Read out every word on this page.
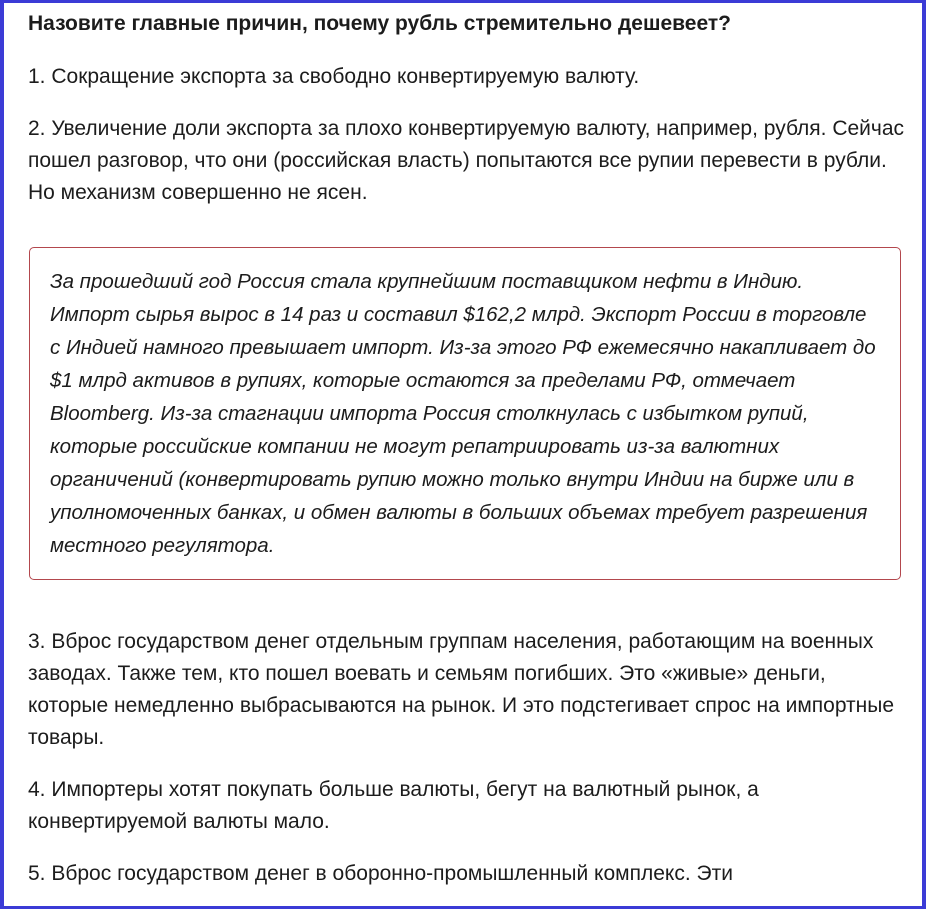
Назовите главные причин, почему рубль стремительно дешевеет?

1. Сокращение экспорта за свободно конвертируемую валюту.

2. Увеличение доли экспорта за плохо конвертируемую валюту, например, рубля. Сейчас пошел разговор, что они (российская власть) попытаются все рупии перевести в рубли. Но механизм совершенно не ясен.

За прошедший год Россия стала крупнейшим поставщиком нефти в Индию. Импорт сырья вырос в 14 раз и составил $162,2 млрд. Экспорт России в торговле с Индией намного превышает импорт. Из-за этого РФ ежемесячно накапливает до $1 млрд активов в рупиях, которые остаются за пределами РФ, отмечает Bloomberg. Из-за стагнации импорта Россия столкнулась с избытком рупий, которые российские компании не могут репатриировать из-за валютних органичений (конвертировать рупию можно только внутри Индии на бирже или в уполномоченных банках, и обмен валюты в больших объемах требует разрешения местного регулятора.

3. Вброс государством денег отдельным группам населения, работающим на военных заводах. Также тем, кто пошел воевать и семьям погибших. Это «живые» деньги, которые немедленно выбрасываются на рынок. И это подстегивает спрос на импортные товары.

4. Импортеры хотят покупать больше валюты, бегут на валютный рынок, а конвертируемой валюты мало.

5. Вброс государством денег в оборонно-промышленный комплекс. Эти
